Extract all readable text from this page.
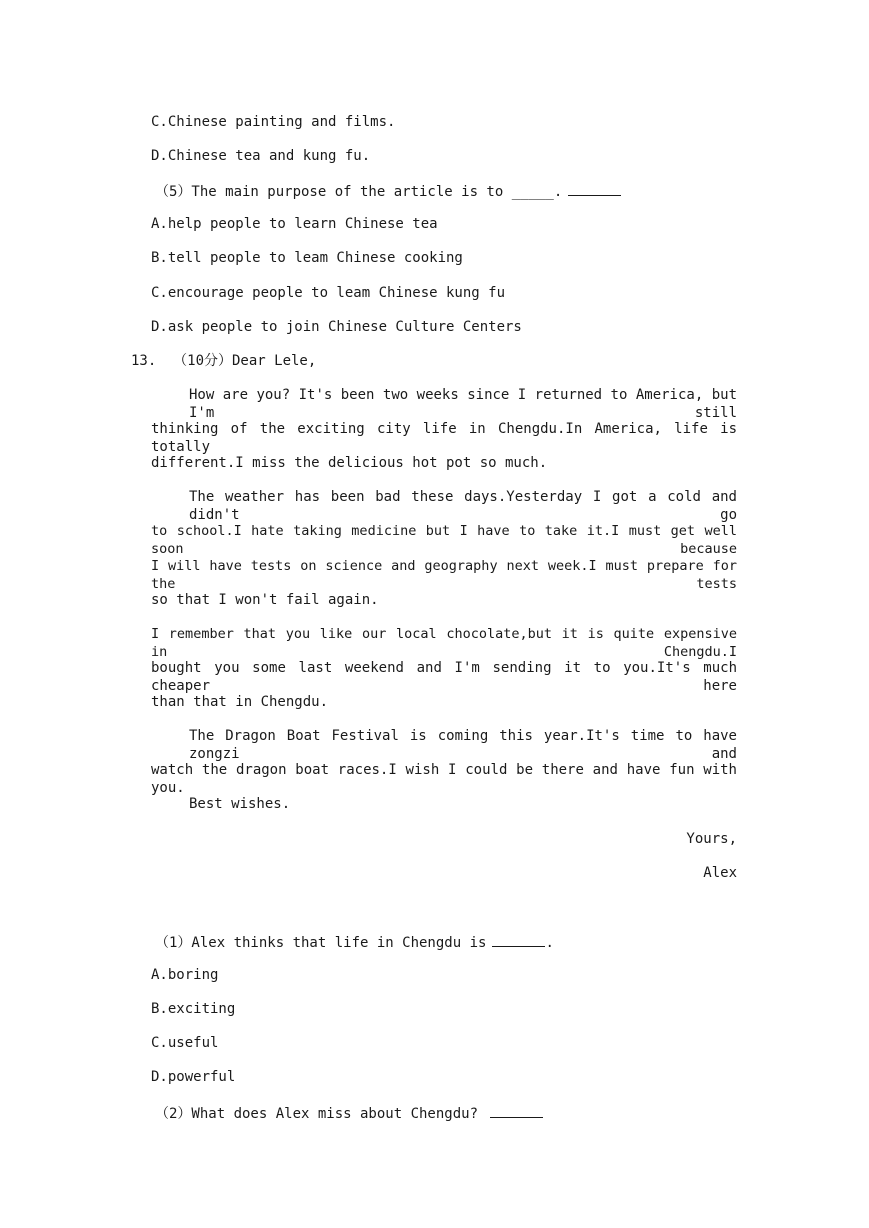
C.Chinese painting and films.
D.Chinese tea and kung fu.
（5）The main purpose of the article is to _____.
A.help people to learn Chinese tea
B.tell people to leam Chinese cooking
C.encourage people to leam Chinese kung fu
D.ask people to join Chinese Culture Centers
13.  （10分）Dear Lele,
How are you? It's been two weeks since I returned to America, but I'm still
thinking of the exciting city life in Chengdu.In America, life is totally
different.I miss the delicious hot pot so much.
The weather has been bad these days.Yesterday I got a cold and didn't go
to school.I hate taking medicine but I have to take it.I must get well soon because
I will have tests on science and geography next week.I must prepare for the tests
so that I won't fail again.
I remember that you like our local chocolate,but it is quite expensive in Chengdu.I
bought you some last weekend and I'm sending it to you.It's much cheaper here
than that in Chengdu.
The Dragon Boat Festival is coming this year.It's time to have zongzi and
watch the dragon boat races.I wish I could be there and have fun with you.
Best wishes.
Yours,
Alex
（1）Alex thinks that life in Chengdu is	.
A.boring
B.exciting
C.useful
D.powerful
（2）What does Alex miss about Chengdu?
